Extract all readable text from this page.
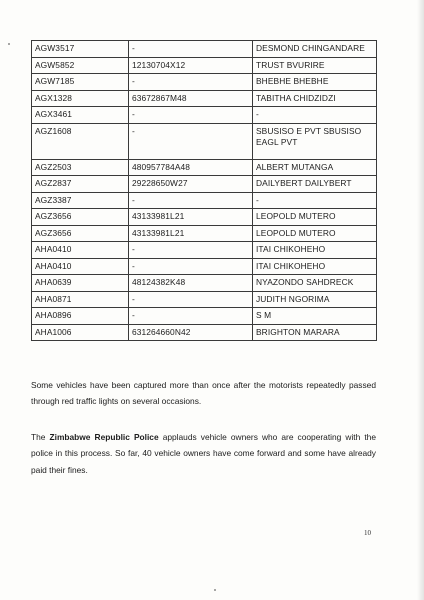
AGW3517	-	DESMOND CHINGANDARE
AGW5852	12130704X12	TRUST BVURIRE
AGW7185	-	BHEBHE BHEBHE
AGX1328	63672867M48	TABITHA CHIDZIDZI
AGX3461	-	-
AGZ1608	-	SBUSISO E PVT SBUSISO EAGL PVT
AGZ2503	480957784A48	ALBERT MUTANGA
AGZ2837	29228650W27	DAILYBERT DAILYBERT
AGZ3387	-	-
AGZ3656	43133981L21	LEOPOLD MUTERO
AGZ3656	43133981L21	LEOPOLD MUTERO
AHA0410	-	ITAI CHIKOHEHO
AHA0410	-	ITAI CHIKOHEHO
AHA0639	48124382K48	NYAZONDO SAHDRECK
AHA0871	-	JUDITH NGORIMA
AHA0896	-	S M
AHA1006	631264660N42	BRIGHTON MARARA

Some vehicles have been captured more than once after the motorists repeatedly passed through red traffic lights on several occasions.

The Zimbabwe Republic Police applauds vehicle owners who are cooperating with the police in this process. So far, 40 vehicle owners have come forward and some have already paid their fines.

10
